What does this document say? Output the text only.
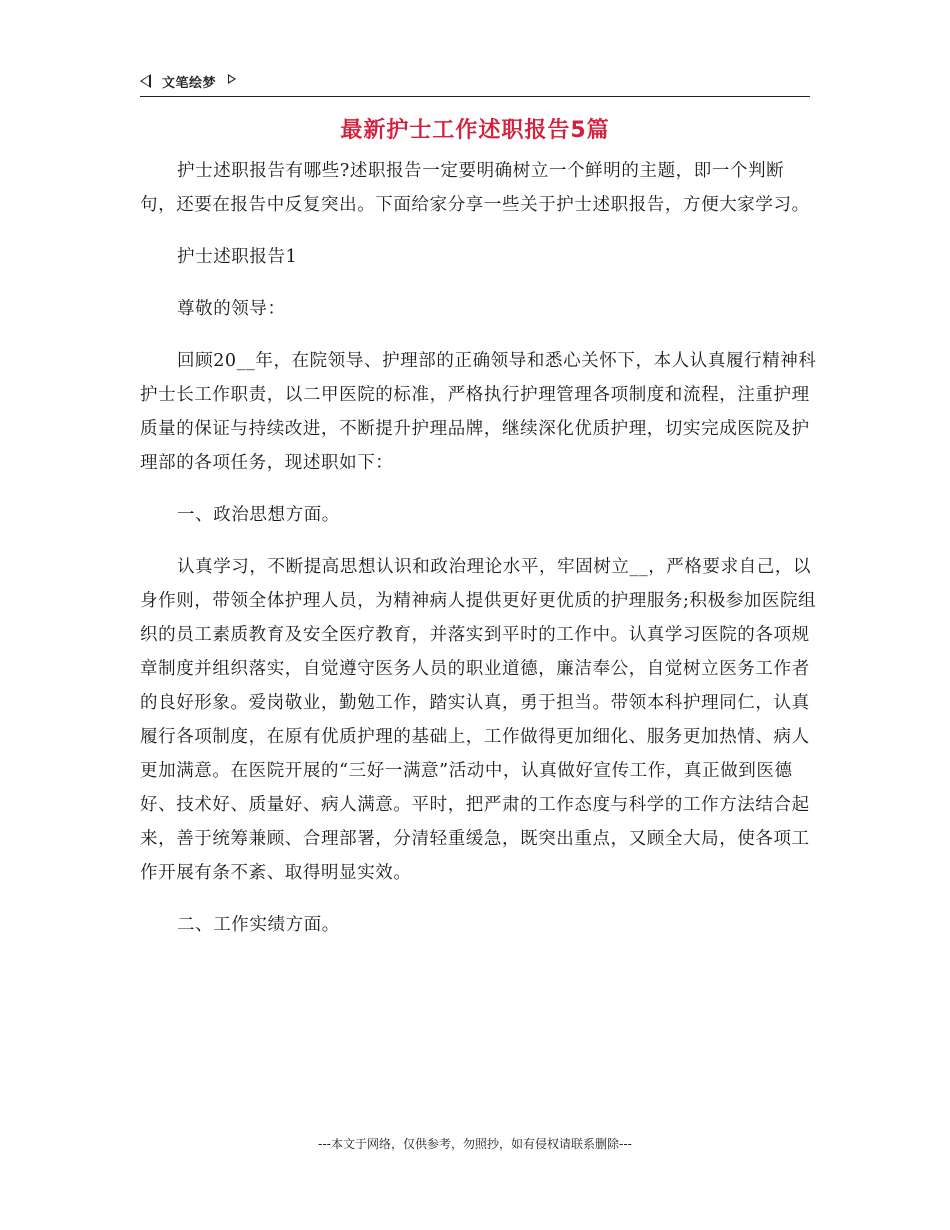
文笔绘梦
最新护士工作述职报告5篇

护士述职报告有哪些?述职报告一定要明确树立一个鲜明的主题，即一个判断句，还要在报告中反复突出。下面给家分享一些关于护士述职报告，方便大家学习。

护士述职报告1

尊敬的领导：

回顾20__年，在院领导、护理部的正确领导和悉心关怀下，本人认真履行精神科护士长工作职责，以二甲医院的标准，严格执行护理管理各项制度和流程，注重护理质量的保证与持续改进，不断提升护理品牌，继续深化优质护理，切实完成医院及护理部的各项任务，现述职如下：

一、政治思想方面。

认真学习，不断提高思想认识和政治理论水平，牢固树立__，严格要求自己，以身作则，带领全体护理人员，为精神病人提供更好更优质的护理服务;积极参加医院组织的员工素质教育及安全医疗教育，并落实到平时的工作中。认真学习医院的各项规章制度并组织落实，自觉遵守医务人员的职业道德，廉洁奉公，自觉树立医务工作者的良好形象。爱岗敬业，勤勉工作，踏实认真，勇于担当。带领本科护理同仁，认真履行各项制度，在原有优质护理的基础上，工作做得更加细化、服务更加热情、病人更加满意。在医院开展的“三好一满意”活动中，认真做好宣传工作，真正做到医德好、技术好、质量好、病人满意。平时，把严肃的工作态度与科学的工作方法结合起来，善于统筹兼顾、合理部署，分清轻重缓急，既突出重点，又顾全大局，使各项工作开展有条不紊、取得明显实效。

二、工作实绩方面。

---本文于网络，仅供参考，勿照抄，如有侵权请联系删除---
